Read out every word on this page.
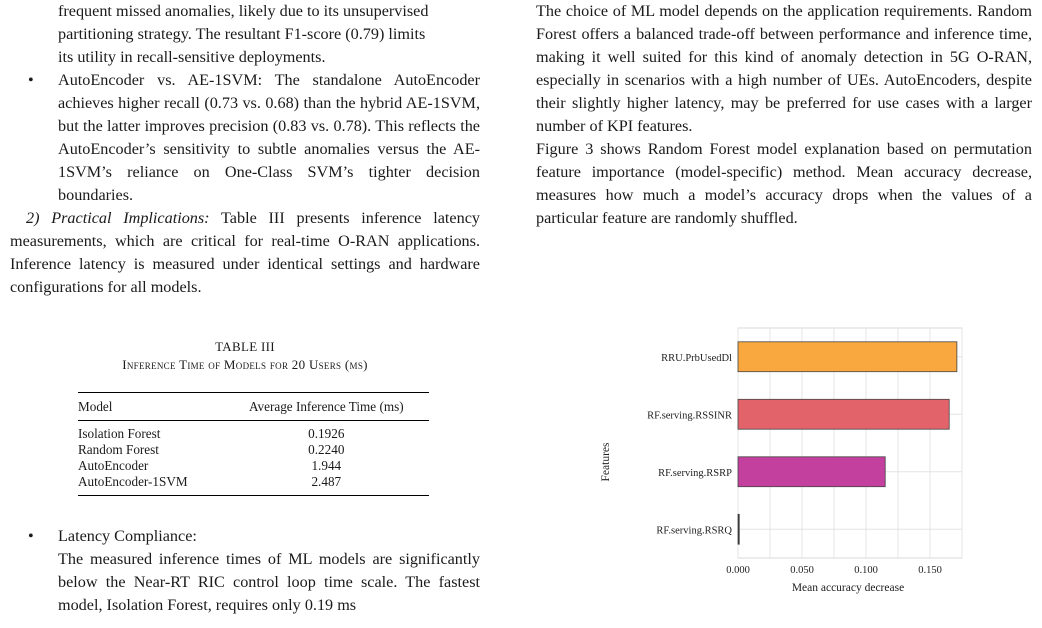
frequent missed anomalies, likely due to its unsupervised

partitioning strategy. The resultant F1-score (0.79) limits

its utility in recall-sensitive deployments.

• AutoEncoder vs. AE-1SVM: The standalone AutoEncoder achieves higher recall (0.73 vs. 0.68) than the hybrid AE-1SVM, but the latter improves precision (0.83 vs. 0.78). This reflects the AutoEncoder’s sensitivity to subtle anomalies versus the AE-1SVM’s reliance on One-Class SVM’s tighter decision boundaries.

2) Practical Implications: Table III presents inference latency measurements, which are critical for real-time O-RAN applications. Inference latency is measured under identical settings and hardware configurations for all models.

TABLE III
Inference Time of Models for 20 Users (ms)
Model	Average Inference Time (ms)
Isolation Forest	0.1926
Random Forest	0.2240
AutoEncoder	1.944
AutoEncoder-1SVM	2.487
• Latency Compliance:

The measured inference times of ML models are significantly below the Near-RT RIC control loop time scale. The fastest model, Isolation Forest, requires only 0.19 ms

The choice of ML model depends on the application requirements. Random Forest offers a balanced trade-off between performance and inference time, making it well suited for this kind of anomaly detection in 5G O-RAN, especially in scenarios with a high number of UEs. AutoEncoders, despite their slightly higher latency, may be preferred for use cases with a larger number of KPI features.

Figure 3 shows Random Forest model explanation based on permutation feature importance (model-specific) method. Mean accuracy decrease, measures how much a model’s accuracy drops when the values of a particular feature are randomly shuffled.

RRU.PrbUsedDl
RF.serving.RSSINR
RF.serving.RSRP
RF.serving.RSRQ
0.000	0.050	0.100	0.150
Mean accuracy decrease
Features
